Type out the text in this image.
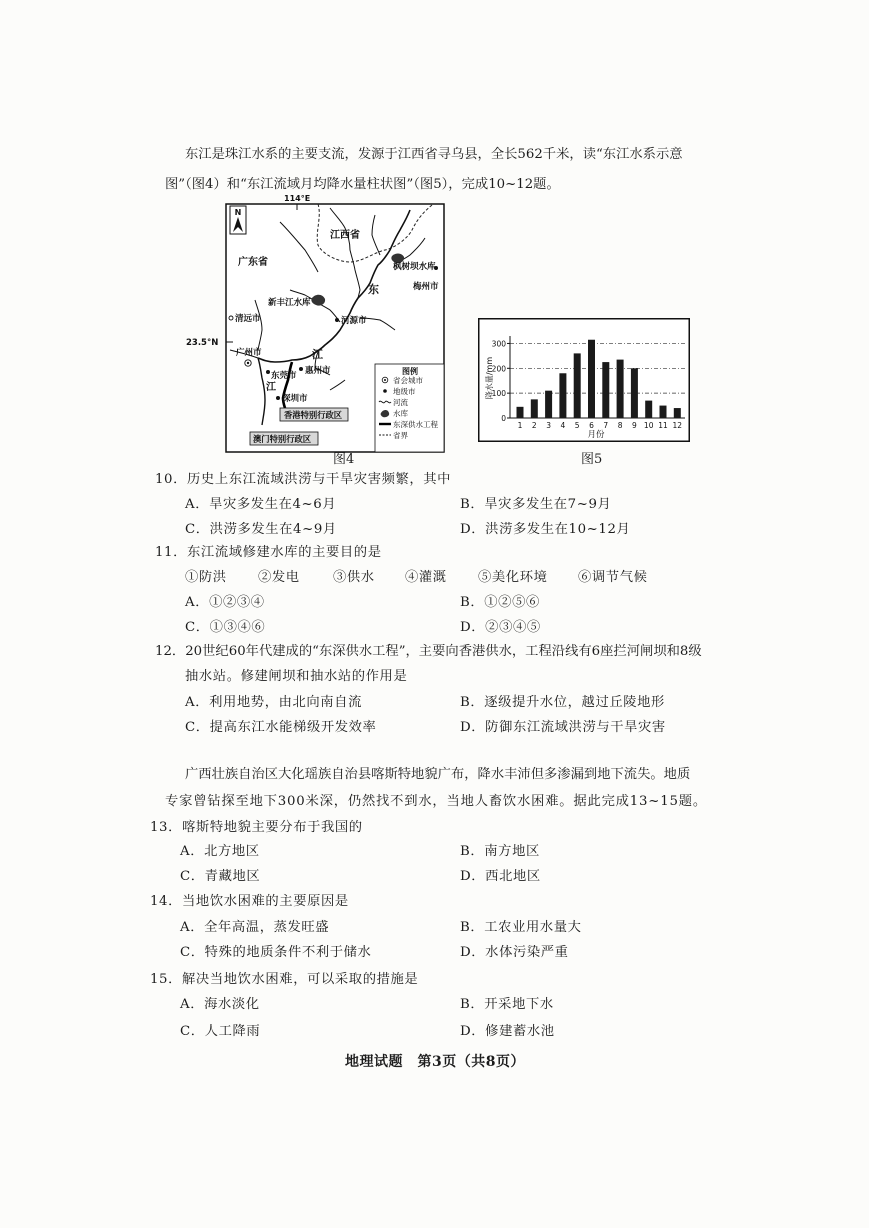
东江是珠江水系的主要支流，发源于江西省寻乌县，全长562千米，读“东江水系示意
图”（图4）和“东江流域月均降水量柱状图”（图5），完成10~12题。
114°E
23.5°N
N
江西省
广东省	枫树坝水库
梅州市
东
新丰江水库
清远市	河源市
广州市	江
东莞市 惠州市
江
深圳市
香港特别行政区
澳门特别行政区
图例
省会城市
地级市
河流
水库
东深供水工程
省界
0
100
200
300
1 2 3 4 5 6 7 8 9 10 11 12
降水量/mm
月份
图4	图5
10．历史上东江流域洪涝与干旱灾害频繁，其中
A．旱灾多发生在4~6月	B．旱灾多发生在7~9月
C．洪涝多发生在4~9月	D．洪涝多发生在10~12月
11．东江流域修建水库的主要目的是
①防洪 ②发电	③供水 ④灌溉 ⑤美化环境 ⑥调节气候
A．①②③④	B．①②⑤⑥
C．①③④⑥	D．②③④⑤
12．20世纪60年代建成的“东深供水工程”，主要向香港供水，工程沿线有6座拦河闸坝和8级
抽水站。修建闸坝和抽水站的作用是
A．利用地势，由北向南自流	B．逐级提升水位，越过丘陵地形
C．提高东江水能梯级开发效率	D．防御东江流域洪涝与干旱灾害
广西壮族自治区大化瑶族自治县喀斯特地貌广布，降水丰沛但多渗漏到地下流失。地质
专家曾钻探至地下300米深，仍然找不到水，当地人畜饮水困难。据此完成13~15题。
13．喀斯特地貌主要分布于我国的
A．北方地区	B．南方地区
C．青藏地区	D．西北地区
14．当地饮水困难的主要原因是
A．全年高温，蒸发旺盛	B．工农业用水量大
C．特殊的地质条件不利于储水	D．水体污染严重
15．解决当地饮水困难，可以采取的措施是
A．海水淡化	B．开采地下水
C．人工降雨	D．修建蓄水池
地理试题　第3页（共8页）
